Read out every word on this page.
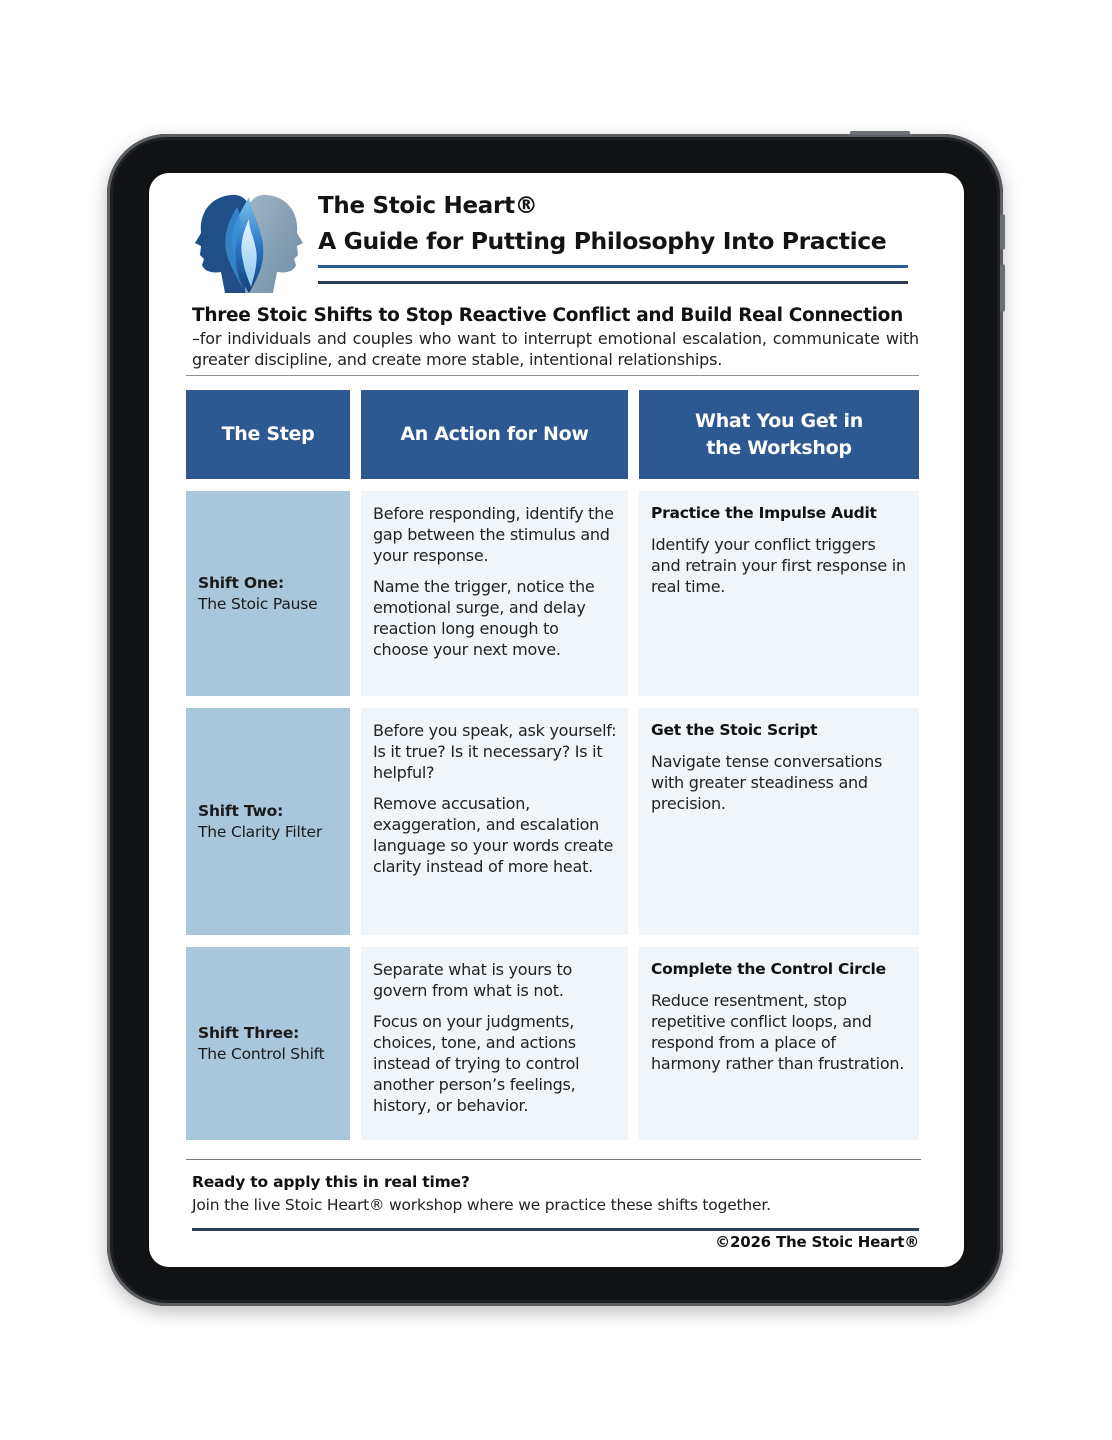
The Stoic Heart®
A Guide for Putting Philosophy Into Practice
Three Stoic Shifts to Stop Reactive Conflict and Build Real Connection
–for individuals and couples who want to interrupt emotional escalation, communicate with greater discipline, and create more stable, intentional relationships.
The Step	An Action for Now
What You Get in the Workshop
Shift One:
The Stoic Pause

Before responding, identify the gap between the stimulus and your response.

Name the trigger, notice the emotional surge, and delay reaction long enough to choose your next move.

Practice the Impulse Audit

Identify your conflict triggers and retrain your first response in real time.

Shift Two:
The Clarity Filter

Before you speak, ask yourself: Is it true? Is it necessary? Is it helpful?

Remove accusation, exaggeration, and escalation language so your words create clarity instead of more heat.

Get the Stoic Script

Navigate tense conversations with greater steadiness and precision.

Shift Three:
The Control Shift

Separate what is yours to govern from what is not.

Focus on your judgments, choices, tone, and actions instead of trying to control another person’s feelings, history, or behavior.

Complete the Control Circle

Reduce resentment, stop repetitive conflict loops, and respond from a place of harmony rather than frustration.

Ready to apply this in real time?
Join the live Stoic Heart® workshop where we practice these shifts together.
©2026 The Stoic Heart®
